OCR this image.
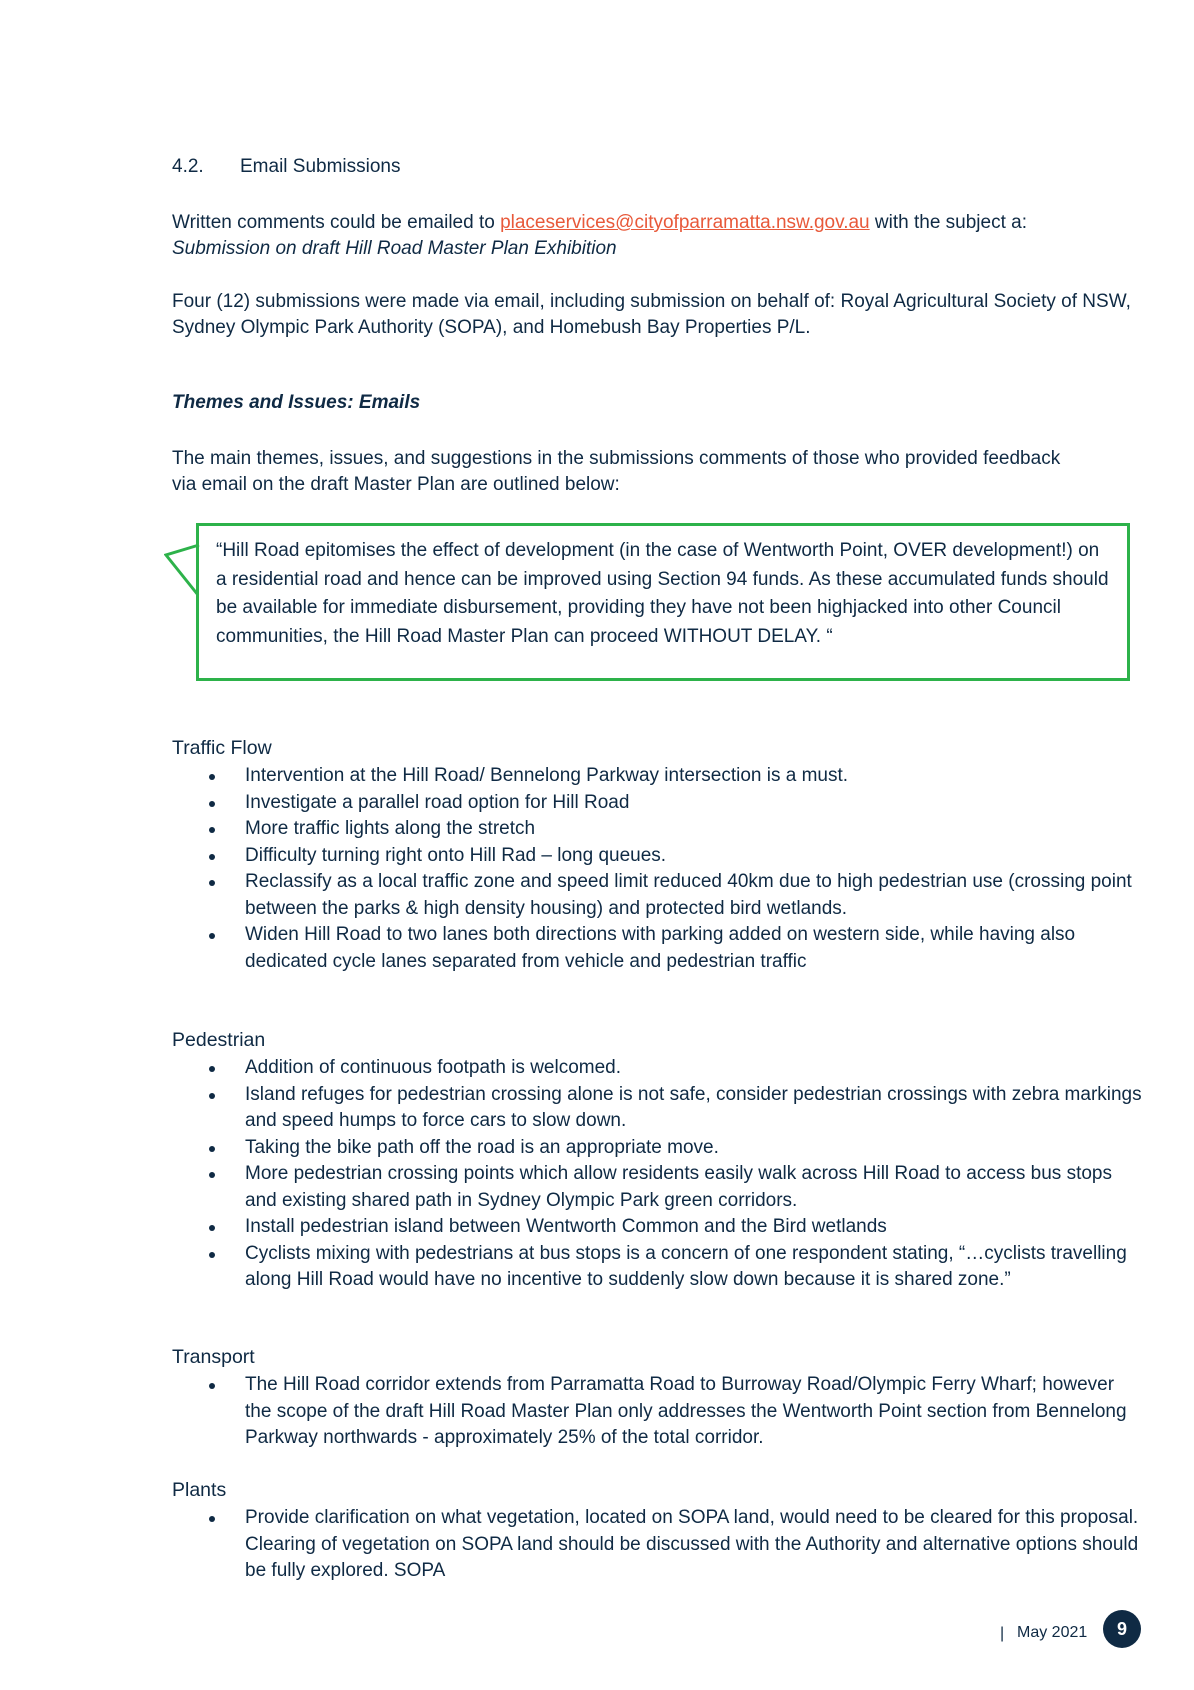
4.2. Email Submissions
Written comments could be emailed to placeservices@cityofparramatta.nsw.gov.au with the subject a:
Submission on draft Hill Road Master Plan Exhibition
Four (12) submissions were made via email, including submission on behalf of: Royal Agricultural Society of NSW, Sydney Olympic Park Authority (SOPA), and Homebush Bay Properties P/L.
Themes and Issues: Emails
The main themes, issues, and suggestions in the submissions comments of those who provided feedback via email on the draft Master Plan are outlined below:
“Hill Road epitomises the effect of development (in the case of Wentworth Point, OVER development!) on a residential road and hence can be improved using Section 94 funds. As these accumulated funds should be available for immediate disbursement, providing they have not been highjacked into other Council communities, the Hill Road Master Plan can proceed WITHOUT DELAY. “
Traffic Flow
Intervention at the Hill Road/ Bennelong Parkway intersection is a must.
Investigate a parallel road option for Hill Road
More traffic lights along the stretch
Difficulty turning right onto Hill Rad – long queues.
Reclassify as a local traffic zone and speed limit reduced 40km due to high pedestrian use (crossing point between the parks & high density housing) and protected bird wetlands.
Widen Hill Road to two lanes both directions with parking added on western side, while having also dedicated cycle lanes separated from vehicle and pedestrian traffic
Pedestrian
Addition of continuous footpath is welcomed.
Island refuges for pedestrian crossing alone is not safe, consider pedestrian crossings with zebra markings and speed humps to force cars to slow down.
Taking the bike path off the road is an appropriate move.
More pedestrian crossing points which allow residents easily walk across Hill Road to access bus stops and existing shared path in Sydney Olympic Park green corridors.
Install pedestrian island between Wentworth Common and the Bird wetlands
Cyclists mixing with pedestrians at bus stops is a concern of one respondent stating, “…cyclists travelling along Hill Road would have no incentive to suddenly slow down because it is shared zone.”
Transport
The Hill Road corridor extends from Parramatta Road to Burroway Road/Olympic Ferry Wharf; however the scope of the draft Hill Road Master Plan only addresses the Wentworth Point section from Bennelong Parkway northwards - approximately 25% of the total corridor.
Plants
Provide clarification on what vegetation, located on SOPA land, would need to be cleared for this proposal. Clearing of vegetation on SOPA land should be discussed with the Authority and alternative options should be fully explored. SOPA
| May 2021 9
